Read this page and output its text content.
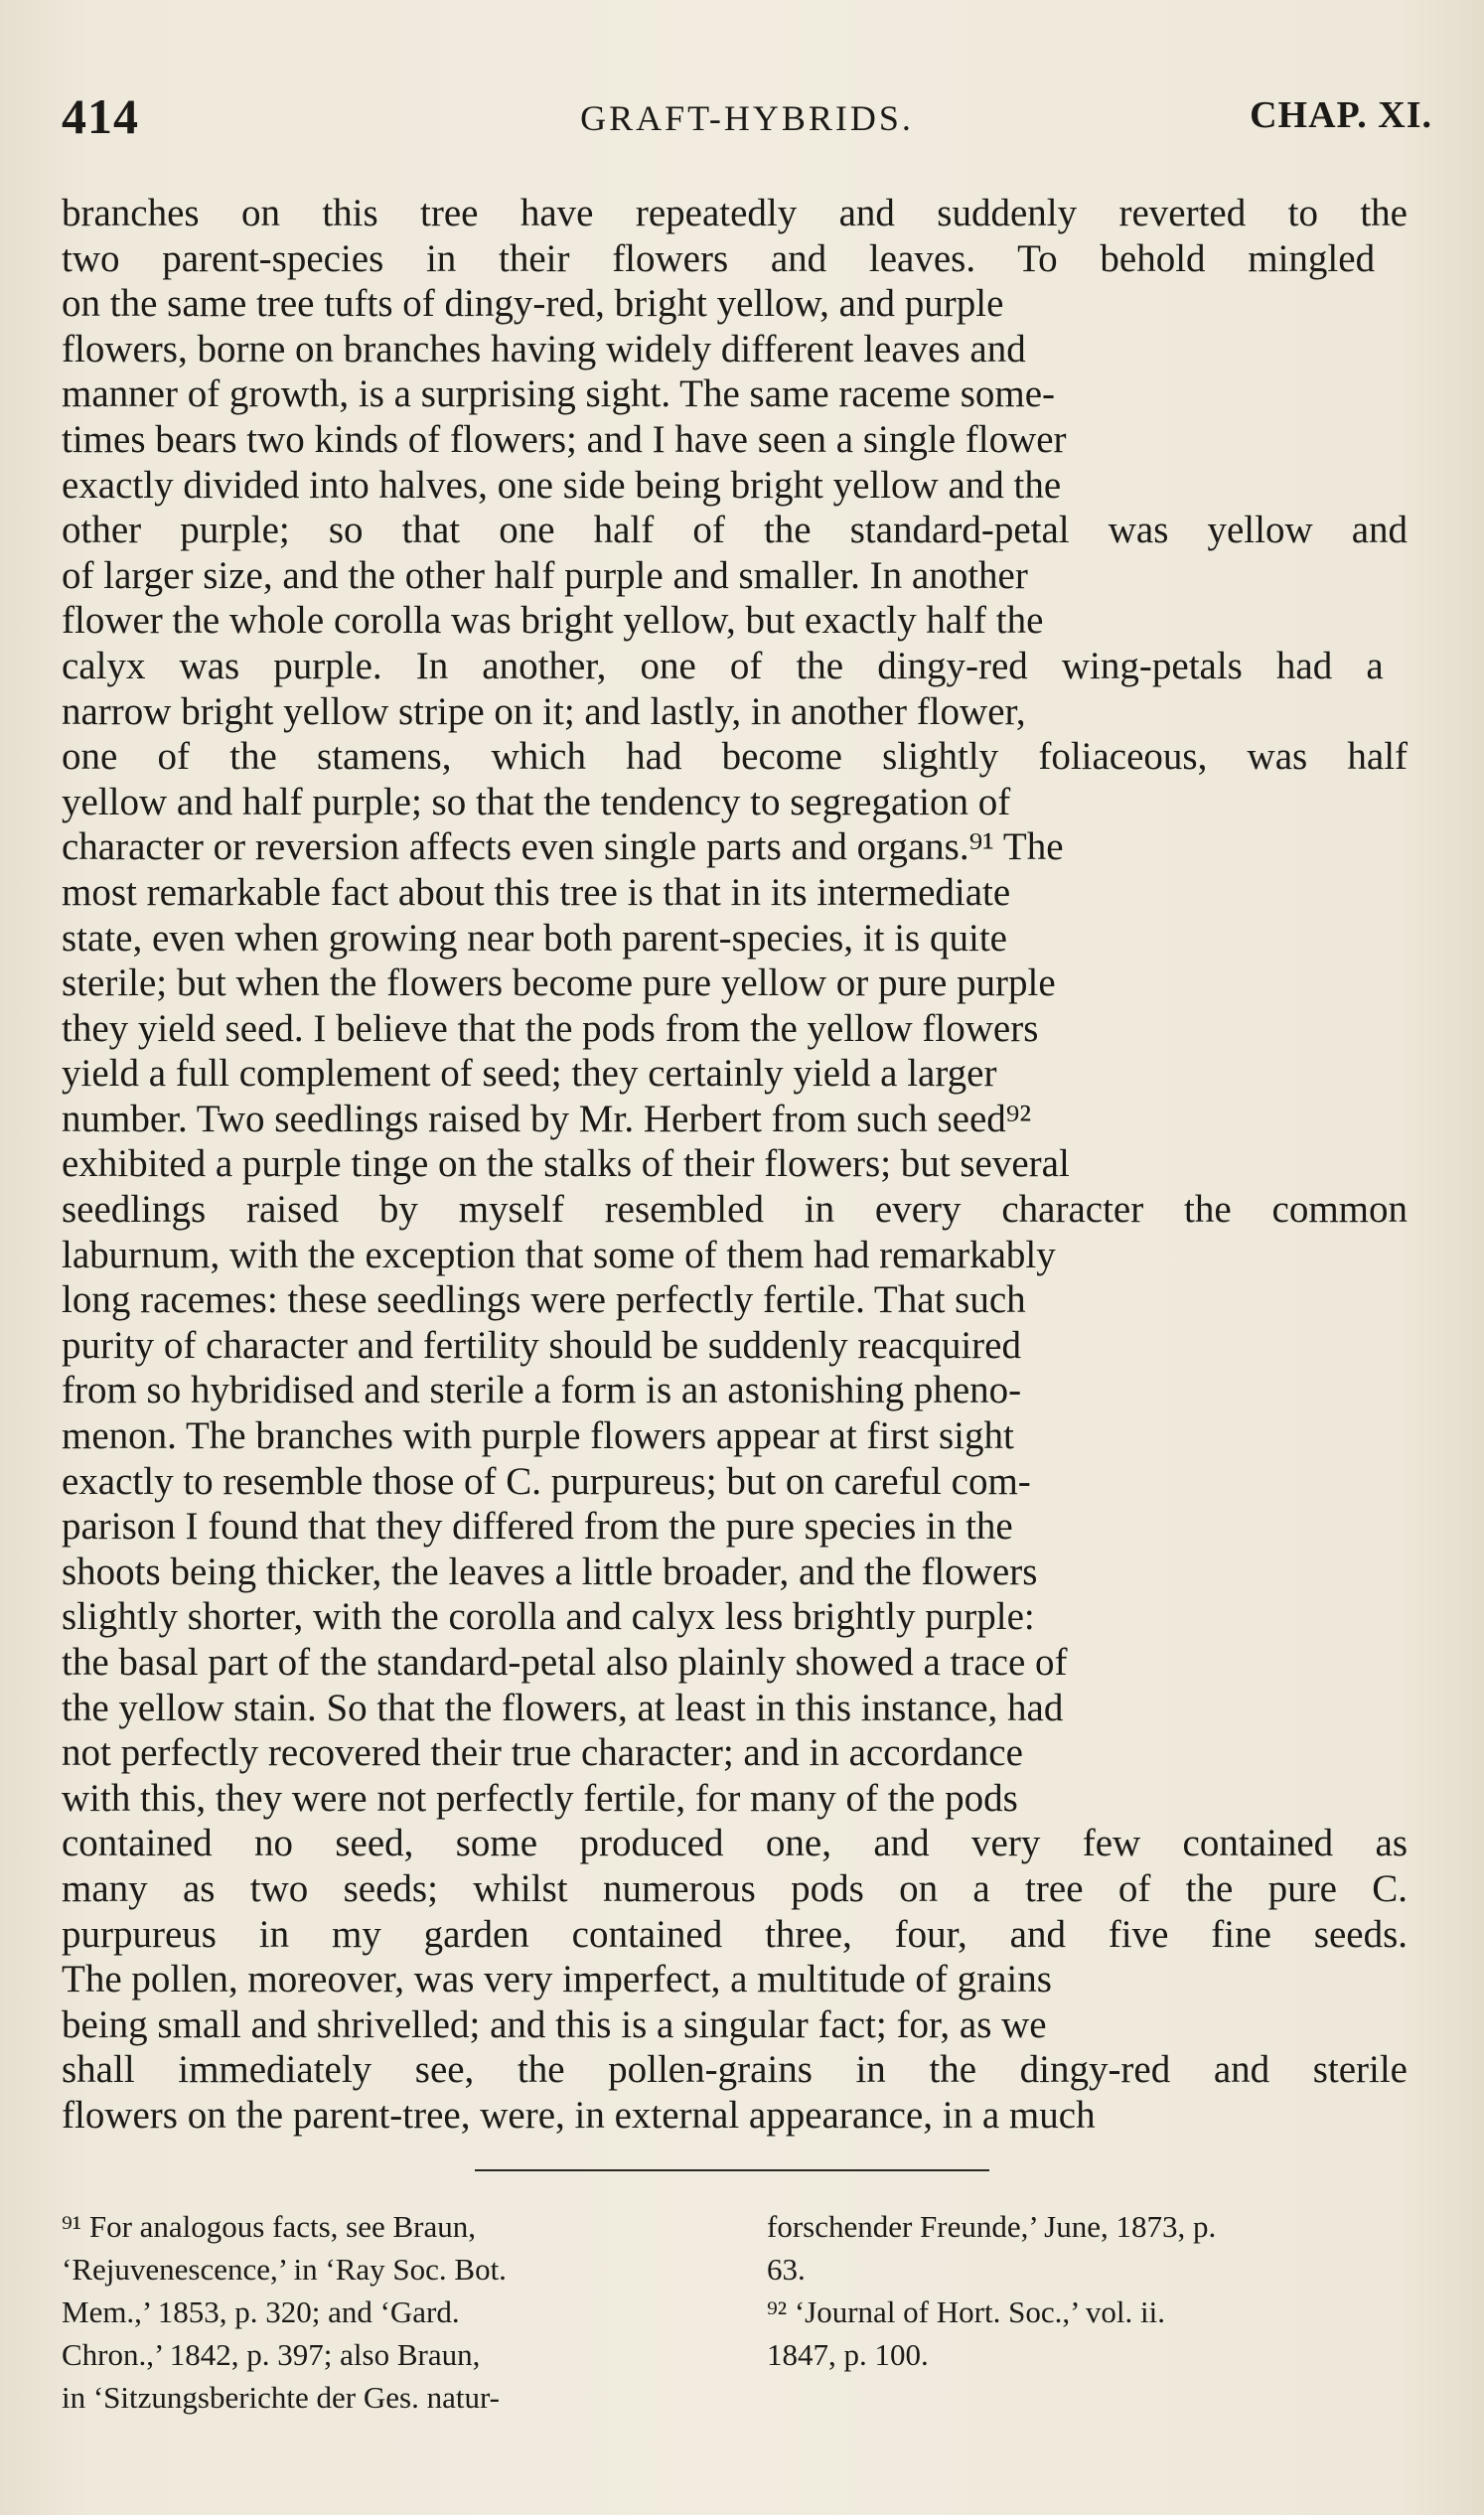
414	GRAFT-HYBRIDS.	CHAP. XI.
branches on this tree have repeatedly and suddenly reverted to the
two parent-species in their flowers and leaves. To behold mingled
on the same tree tufts of dingy-red, bright yellow, and purple
flowers, borne on branches having widely different leaves and
manner of growth, is a surprising sight. The same raceme some-
times bears two kinds of flowers; and I have seen a single flower
exactly divided into halves, one side being bright yellow and the
other purple; so that one half of the standard-petal was yellow and
of larger size, and the other half purple and smaller. In another
flower the whole corolla was bright yellow, but exactly half the
calyx was purple. In another, one of the dingy-red wing-petals had a
narrow bright yellow stripe on it; and lastly, in another flower,
one of the stamens, which had become slightly foliaceous, was half
yellow and half purple; so that the tendency to segregation of
character or reversion affects even single parts and organs.⁹¹ The
most remarkable fact about this tree is that in its intermediate
state, even when growing near both parent-species, it is quite
sterile; but when the flowers become pure yellow or pure purple
they yield seed. I believe that the pods from the yellow flowers
yield a full complement of seed; they certainly yield a larger
number. Two seedlings raised by Mr. Herbert from such seed⁹²
exhibited a purple tinge on the stalks of their flowers; but several
seedlings raised by myself resembled in every character the common
laburnum, with the exception that some of them had remarkably
long racemes: these seedlings were perfectly fertile. That such
purity of character and fertility should be suddenly reacquired
from so hybridised and sterile a form is an astonishing pheno-
menon. The branches with purple flowers appear at first sight
exactly to resemble those of C. purpureus; but on careful com-
parison I found that they differed from the pure species in the
shoots being thicker, the leaves a little broader, and the flowers
slightly shorter, with the corolla and calyx less brightly purple:
the basal part of the standard-petal also plainly showed a trace of
the yellow stain. So that the flowers, at least in this instance, had
not perfectly recovered their true character; and in accordance
with this, they were not perfectly fertile, for many of the pods
contained no seed, some produced one, and very few contained as
many as two seeds; whilst numerous pods on a tree of the pure C.
purpureus in my garden contained three, four, and five fine seeds.
The pollen, moreover, was very imperfect, a multitude of grains
being small and shrivelled; and this is a singular fact; for, as we
shall immediately see, the pollen-grains in the dingy-red and sterile
flowers on the parent-tree, were, in external appearance, in a much
⁹¹ For analogous facts, see Braun,
‘Rejuvenescence,’ in ‘Ray Soc. Bot.
Mem.,’ 1853, p. 320; and ‘Gard.
Chron.,’ 1842, p. 397; also Braun,
in ‘Sitzungsberichte der Ges. natur-
forschender Freunde,’ June, 1873, p.
63.
⁹² ‘Journal of Hort. Soc.,’ vol. ii.
1847, p. 100.
